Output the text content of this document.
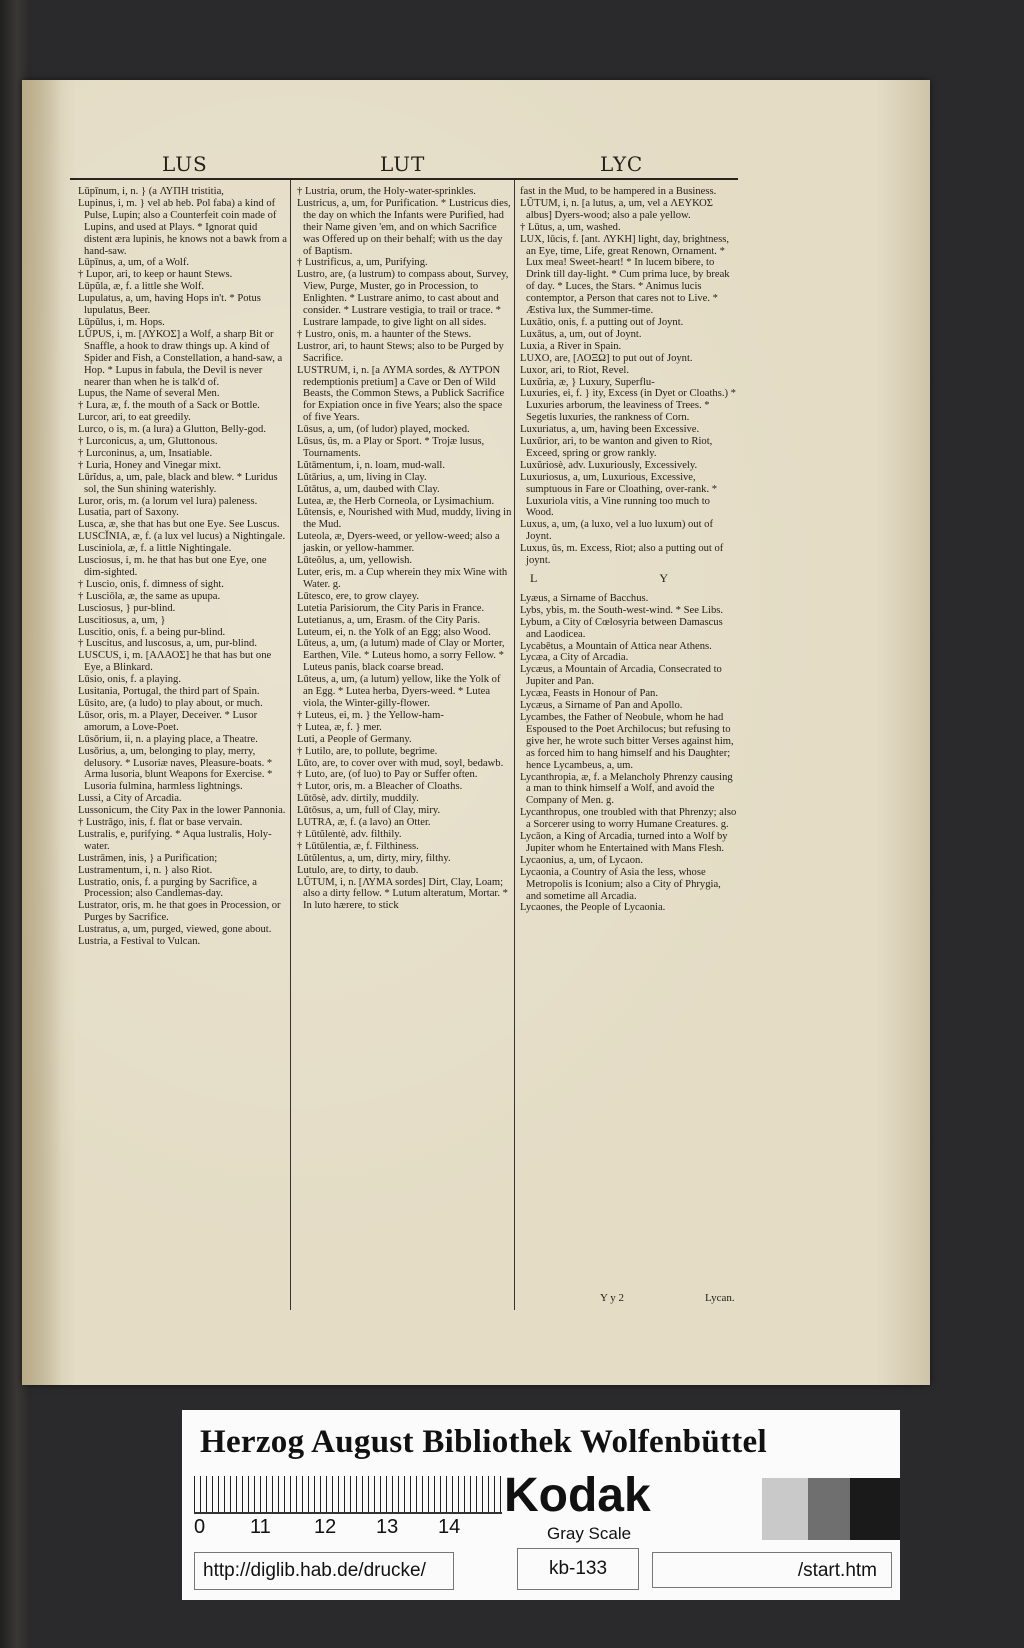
LUS	LUT	LYC

Lūpīnum, i, n. } (a ΛΥΠΗ tristitia,

Lupinus, i, m. } vel ab heb. Pol faba) a kind of Pulse, Lupin; also a Counterfeit coin made of Lupins, and used at Plays. * Ignorat quid distent æra lupinis, he knows not a bawk from a hand-saw.

Lūpīnus, a, um, of a Wolf.

† Lupor, ari, to keep or haunt Stews.

Lūpŭla, æ, f. a little she Wolf.

Lupulatus, a, um, having Hops in't. * Potus lupulatus, Beer.

Lūpŭlus, i, m. Hops.

LŬPUS, i, m. [ΛΥΚΟΣ] a Wolf, a sharp Bit or Snaffle, a hook to draw things up. A kind of Spider and Fish, a Constellation, a hand-saw, a Hop. * Lupus in fabula, the Devil is never nearer than when he is talk'd of.

Lupus, the Name of several Men.

† Lura, æ, f. the mouth of a Sack or Bottle.

Lurcor, ari, to eat greedily.

Lurco, o is, m. (a lura) a Glutton, Belly-god.

† Lurconicus, a, um, Gluttonous.

† Lurconinus, a, um, Insatiable.

† Luria, Honey and Vinegar mixt.

Lūrĭdus, a, um, pale, black and blew. * Luridus sol, the Sun shining waterishly.

Luror, oris, m. (a lorum vel lura) paleness.

Lusatia, part of Saxony.

Lusca, æ, she that has but one Eye. See Luscus.

LUSCĬNIA, æ, f. (a lux vel lucus) a Nightingale.

Lusciniola, æ, f. a little Nightingale.

Lusciosus, i, m. he that has but one Eye, one dim-sighted.

† Luscio, onis, f. dimness of sight.

† Lusciōla, æ, the same as upupa.

Lusciosus, } pur-blind.

Luscitiosus, a, um, }

Luscitio, onis, f. a being pur-blind.

† Luscitus, and luscosus, a, um, pur-blind.

LUSCUS, i, m. [ΑΛΑΟΣ] he that has but one Eye, a Blinkard.

Lūsio, onis, f. a playing.

Lusitania, Portugal, the third part of Spain.

Lūsito, are, (a ludo) to play about, or much.

Lūsor, oris, m. a Player, Deceiver. * Lusor amorum, a Love-Poet.

Lūsōrium, ii, n. a playing place, a Theatre.

Lusōrius, a, um, belonging to play, merry, delusory. * Lusoriæ naves, Pleasure-boats. * Arma lusoria, blunt Weapons for Exercise. * Lusoria fulmina, harmless lightnings.

Lussi, a City of Arcadia.

Lussonicum, the City Pax in the lower Pannonia.

† Lustrāgo, inis, f. flat or base vervain.

Lustralis, e, purifying. * Aqua lustralis, Holy-water.

Lustrāmen, inis, } a Purification;

Lustramentum, i, n. } also Riot.

Lustratio, onis, f. a purging by Sacrifice, a Procession; also Candlemas-day.

Lustrator, oris, m. he that goes in Procession, or Purges by Sacrifice.

Lustratus, a, um, purged, viewed, gone about.

Lustria, a Festival to Vulcan.

† Lustria, orum, the Holy-water-sprinkles.

Lustricus, a, um, for Purification. * Lustricus dies, the day on which the Infants were Purified, had their Name given 'em, and on which Sacrifice was Offered up on their behalf; with us the day of Baptism.

† Lustrificus, a, um, Purifying.

Lustro, are, (a lustrum) to compass about, Survey, View, Purge, Muster, go in Procession, to Enlighten. * Lustrare animo, to cast about and consider. * Lustrare vestigia, to trail or trace. * Lustrare lampade, to give light on all sides.

† Lustro, onis, m. a haunter of the Stews.

Lustror, ari, to haunt Stews; also to be Purged by Sacrifice.

LUSTRUM, i, n. [a ΛΥΜΑ sordes, & ΛΥΤΡΟΝ redemptionis pretium] a Cave or Den of Wild Beasts, the Common Stews, a Publick Sacrifice for Expiation once in five Years; also the space of five Years.

Lūsus, a, um, (of ludor) played, mocked.

Lūsus, ûs, m. a Play or Sport. * Trojæ lusus, Tournaments.

Lŭtāmentum, i, n. loam, mud-wall.

Lŭtārius, a, um, living in Clay.

Lŭtātus, a, um, daubed with Clay.

Lutea, æ, the Herb Corneola, or Lysimachium.

Lŭtensis, e, Nourished with Mud, muddy, living in the Mud.

Luteola, æ, Dyers-weed, or yellow-weed; also a jaskin, or yellow-hammer.

Lūteŏlus, a, um, yellowish.

Luter, eris, m. a Cup wherein they mix Wine with Water. g.

Lūtesco, ere, to grow clayey.

Lutetia Parisiorum, the City Paris in France.

Lutetianus, a, um, Erasm. of the City Paris.

Luteum, ei, n. the Yolk of an Egg; also Wood.

Lūteus, a, um, (a lutum) made of Clay or Morter, Earthen, Vile. * Luteus homo, a sorry Fellow. * Luteus panis, black coarse bread.

Lūteus, a, um, (a lutum) yellow, like the Yolk of an Egg. * Lutea herba, Dyers-weed. * Lutea viola, the Winter-gilly-flower.

† Luteus, ei, m. } the Yellow-ham-

† Lutea, æ, f. } mer.

Luti, a People of Germany.

† Lutilo, are, to pollute, begrime.

Lūto, are, to cover over with mud, soyl, bedawb.

† Luto, are, (of luo) to Pay or Suffer often.

† Lutor, oris, m. a Bleacher of Cloaths.

Lūtōsè, adv. dirtily, muddily.

Lūtōsus, a, um, full of Clay, miry.

LUTRA, æ, f. (a lavo) an Otter.

† Lūtŭlentè, adv. filthily.

† Lūtŭlentia, æ, f. Filthiness.

Lūtŭlentus, a, um, dirty, miry, filthy.

Lutulo, are, to dirty, to daub.

LŬTUM, i, n. [ΛΥΜΑ sordes] Dirt, Clay, Loam; also a dirty fellow. * Lutum alteratum, Mortar. * In luto hærere, to stick

fast in the Mud, to be hampered in a Business.

LŪTUM, i, n. [a lutus, a, um, vel a ΛΕΥΚΟΣ albus] Dyers-wood; also a pale yellow.

† Lūtus, a, um, washed.

LUX, lūcis, f. [ant. ΛΥΚΗ] light, day, brightness, an Eye, time, Life, great Renown, Ornament. * Lux mea! Sweet-heart! * In lucem bibere, to Drink till day-light. * Cum prima luce, by break of day. * Luces, the Stars. * Animus lucis contemptor, a Person that cares not to Live. * Æstiva lux, the Summer-time.

Luxātio, onis, f. a putting out of Joynt.

Luxātus, a, um, out of Joynt.

Luxia, a River in Spain.

LUXO, are, [ΛΟΞΩ] to put out of Joynt.

Luxor, ari, to Riot, Revel.

Luxŭria, æ, } Luxury, Superflu-

Luxuries, ei, f. } ity, Excess (in Dyet or Cloaths.) * Luxuries arborum, the leaviness of Trees. * Segetis luxuries, the rankness of Corn.

Luxuriatus, a, um, having been Excessive.

Luxŭrior, ari, to be wanton and given to Riot, Exceed, spring or grow rankly.

Luxŭriosè, adv. Luxuriously, Excessively.

Luxuriosus, a, um, Luxurious, Excessive, sumptuous in Fare or Cloathing, over-rank. * Luxuriola vitis, a Vine running too much to Wood.

Luxus, a, um, (a luxo, vel a luo luxum) out of Joynt.

Luxus, ûs, m. Excess, Riot; also a putting out of joynt.

L Y

Lyæus, a Sirname of Bacchus.

Lybs, ybis, m. the South-west-wind. * See Libs.

Lybum, a City of Cœlosyria between Damascus and Laodicea.

Lycabētus, a Mountain of Attica near Athens.

Lycæa, a City of Arcadia.

Lycæus, a Mountain of Arcadia, Consecrated to Jupiter and Pan.

Lycæa, Feasts in Honour of Pan.

Lycæus, a Sirname of Pan and Apollo.

Lycambes, the Father of Neobule, whom he had Espoused to the Poet Archilocus; but refusing to give her, he wrote such bitter Verses against him, as forced him to hang himself and his Daughter; hence Lycambeus, a, um.

Lycanthropia, æ, f. a Melancholy Phrenzy causing a man to think himself a Wolf, and avoid the Company of Men. g.

Lycanthropus, one troubled with that Phrenzy; also a Sorcerer using to worry Humane Creatures. g.

Lycāon, a King of Arcadia, turned into a Wolf by Jupiter whom he Entertained with Mans Flesh.

Lycaonius, a, um, of Lycaon.

Lycaonia, a Country of Asia the less, whose Metropolis is Iconium; also a City of Phrygia, and sometime all Arcadia.

Lycaones, the People of Lycaonia.

Y y 2	Lycan.
Herzog August Bibliothek Wolfenbüttel
0 11 12 13 14
Kodak
Gray Scale
http://diglib.hab.de/drucke/	kb-133	/start.htm
